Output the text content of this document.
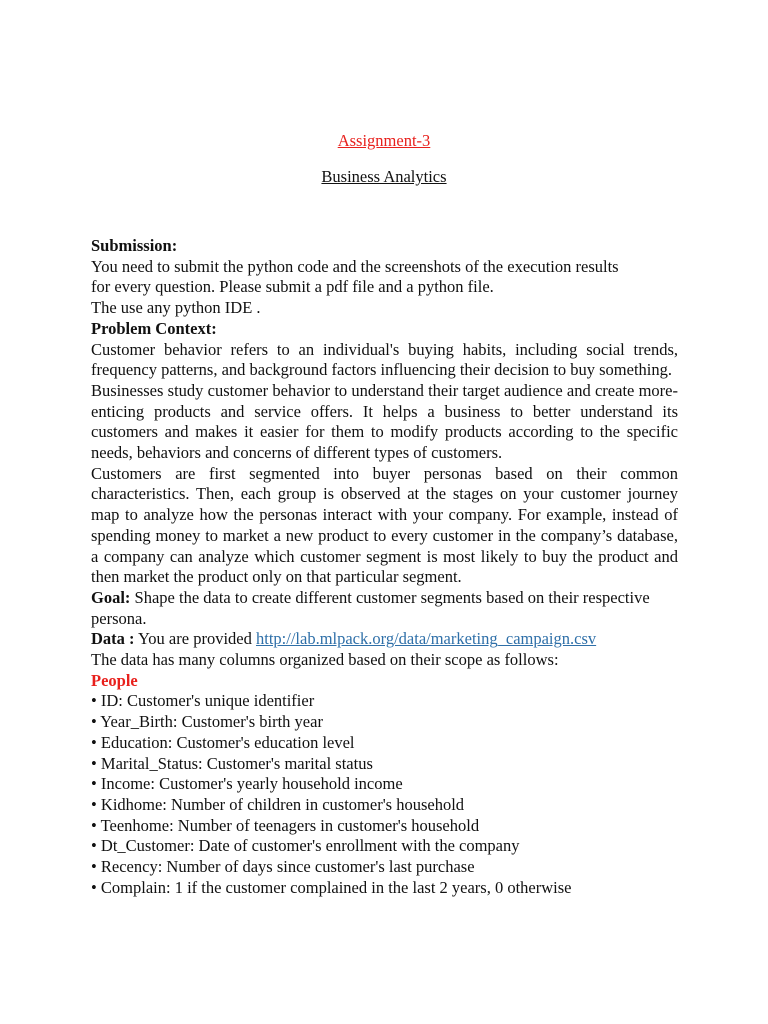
Assignment-3
Business Analytics

Submission:

You need to submit the python code and the screenshots of the execution results

for every question. Please submit a pdf file and a python file.

The use any python IDE .

Problem Context:

Customer behavior refers to an individual's buying habits, including social trends, frequency patterns, and background factors influencing their decision to buy something.

Businesses study customer behavior to understand their target audience and create more-enticing products and service offers. It helps a business to better understand its customers and makes it easier for them to modify products according to the specific needs, behaviors and concerns of different types of customers.

Customers are first segmented into buyer personas based on their common characteristics. Then, each group is observed at the stages on your customer journey map to analyze how the personas interact with your company. For example, instead of spending money to market a new product to every customer in the company’s database, a company can analyze which customer segment is most likely to buy the product and then market the product only on that particular segment.

Goal: Shape the data to create different customer segments based on their respective persona.

Data : You are provided http://lab.mlpack.org/data/marketing_campaign.csv

The data has many columns organized based on their scope as follows:

People

• ID: Customer's unique identifier
• Year_Birth: Customer's birth year
• Education: Customer's education level
• Marital_Status: Customer's marital status
• Income: Customer's yearly household income
• Kidhome: Number of children in customer's household
• Teenhome: Number of teenagers in customer's household
• Dt_Customer: Date of customer's enrollment with the company
• Recency: Number of days since customer's last purchase
• Complain: 1 if the customer complained in the last 2 years, 0 otherwise
